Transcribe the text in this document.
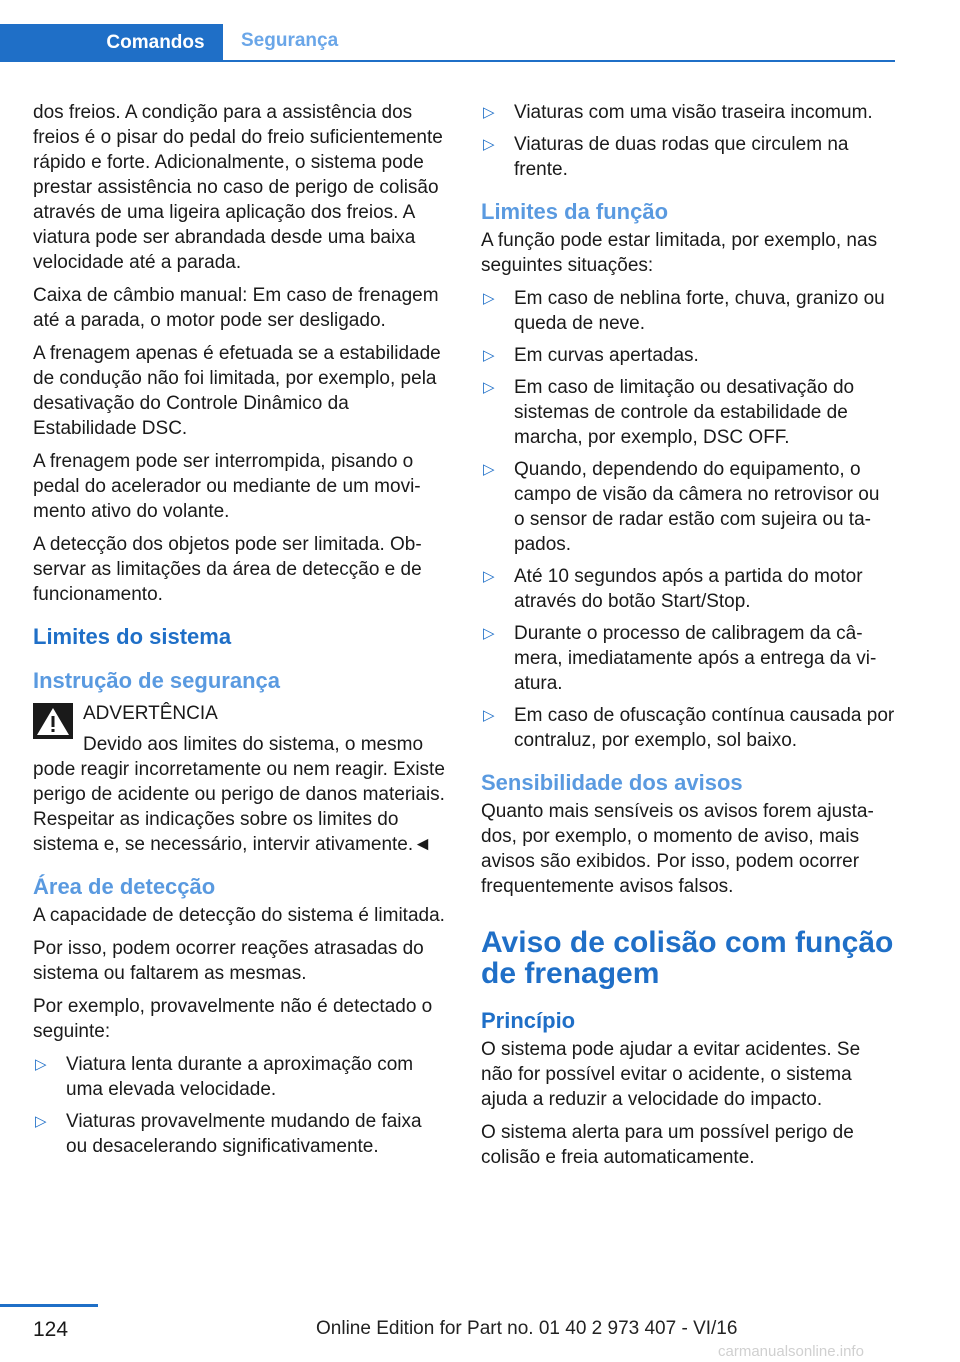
Comandos	Segurança

dos freios. A condição para a assistência dos freios é o pisar do pedal do freio suficientemente rápido e forte. Adicionalmente, o sistema pode prestar assistência no caso de perigo de colisão através de uma ligeira aplicação dos freios. A viatura pode ser abrandada desde uma baixa velocidade até a parada.

Caixa de câmbio manual: Em caso de frenagem até a parada, o motor pode ser desligado.

A frenagem apenas é efetuada se a estabilidade de condução não foi limitada, por exemplo, pela desativação do Controle Dinâmico da Estabilidade DSC.

A frenagem pode ser interrompida, pisando o pedal do acelerador ou mediante de um movimento ativo do volante.

A detecção dos objetos pode ser limitada. Observar as limitações da área de detecção e de funcionamento.

Limites do sistema
Instrução de segurança
ADVERTÊNCIA

Devido aos limites do sistema, o mesmo pode reagir incorretamente ou nem reagir. Existe perigo de acidente ou perigo de danos materiais. Respeitar as indicações sobre os limites do sistema e, se necessário, intervir ativamente.◄

Área de detecção

A capacidade de detecção do sistema é limitada.

Por isso, podem ocorrer reações atrasadas do sistema ou faltarem as mesmas.

Por exemplo, provavelmente não é detectado o seguinte:

▷ Viatura lenta durante a aproximação com uma elevada velocidade.
▷ Viaturas provavelmente mudando de faixa ou desacelerando significativamente.
▷ Viaturas com uma visão traseira incomum.
▷ Viaturas de duas rodas que circulem na frente.
Limites da função

A função pode estar limitada, por exemplo, nas seguintes situações:

▷ Em caso de neblina forte, chuva, granizo ou queda de neve.
▷ Em curvas apertadas.
▷ Em caso de limitação ou desativação do sistemas de controle da estabilidade de marcha, por exemplo, DSC OFF.
▷ Quando, dependendo do equipamento, o campo de visão da câmera no retrovisor ou o sensor de radar estão com sujeira ou tapados.
▷ Até 10 segundos após a partida do motor através do botão Start/Stop.
▷ Durante o processo de calibragem da câmera, imediatamente após a entrega da viatura.
▷ Em caso de ofuscação contínua causada por contraluz, por exemplo, sol baixo.
Sensibilidade dos avisos

Quanto mais sensíveis os avisos forem ajustados, por exemplo, o momento de aviso, mais avisos são exibidos. Por isso, podem ocorrer frequentemente avisos falsos.

Aviso de colisão com função de frenagem
Princípio

O sistema pode ajudar a evitar acidentes. Se não for possível evitar o acidente, o sistema ajuda a reduzir a velocidade do impacto.

O sistema alerta para um possível perigo de colisão e freia automaticamente.

124	Online Edition for Part no. 01 40 2 973 407 - VI/16
carmanualsonline.info
